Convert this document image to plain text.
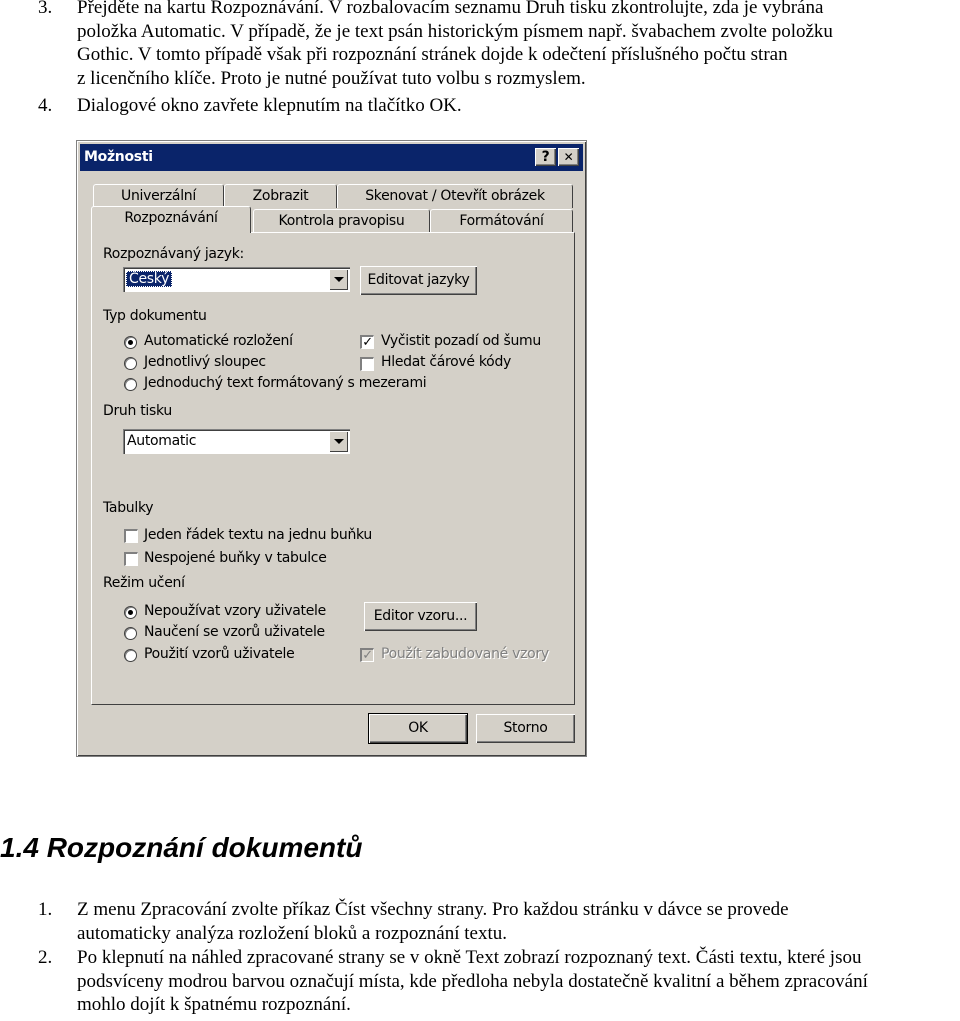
3. Přejděte na kartu Rozpoznávání. V rozbalovacím seznamu Druh tisku zkontrolujte, zda je vybrána
položka Automatic. V případě, že je text psán historickým písmem např. švabachem zvolte položku
Gothic. V tomto případě však při rozpoznání stránek dojde k odečtení příslušného počtu stran
z licenčního klíče. Proto je nutné používat tuto volbu s rozmyslem.
4. Dialogové okno zavřete klepnutím na tlačítko OK.
Možnosti	?	✕
Univerzální	Zobrazit	Skenovat / Otevřít obrázek
Rozpoznávání	Kontrola pravopisu	Formátování
Rozpoznávaný jazyk:
Český	Editovat jazyky
Typ dokumentu
Automatické rozložení
Jednotlivý sloupec
Jednoduchý text formátovaný s mezerami
✓ Vyčistit pozadí od šumu
Hledat čárové kódy
Druh tisku
Automatic
Tabulky
Jeden řádek textu na jednu buňku
Nespojené buňky v tabulce
Režim učení
Nepoužívat vzory uživatele
Naučení se vzorů uživatele
Použití vzorů uživatele
Editor vzoru...
✓ Použít zabudované vzory
OK	Storno
1.4 Rozpoznání dokumentů
1. Z menu Zpracování zvolte příkaz Číst všechny strany. Pro každou stránku v dávce se provede
automaticky analýza rozložení bloků a rozpoznání textu.
2. Po klepnutí na náhled zpracované strany se v okně Text zobrazí rozpoznaný text. Části textu, které jsou
podsvíceny modrou barvou označují místa, kde předloha nebyla dostatečně kvalitní a během zpracování
mohlo dojít k špatnému rozpoznání.
